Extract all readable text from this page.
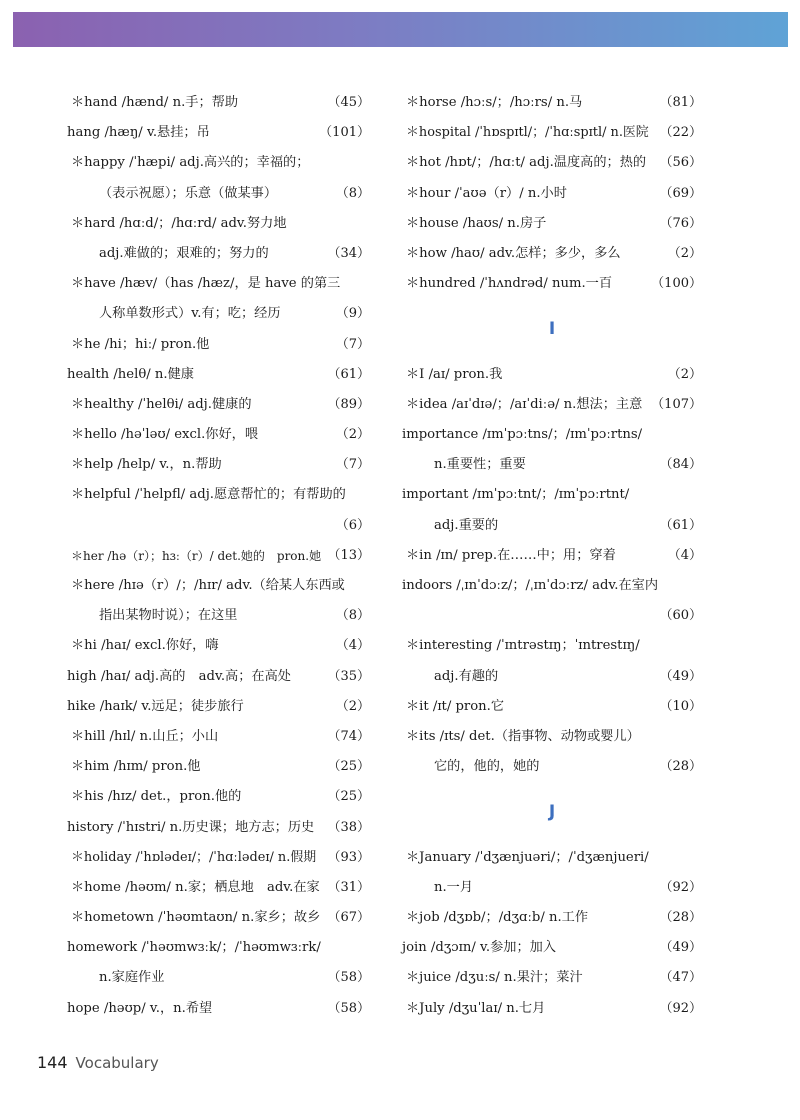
＊hand /hænd/ n.手；帮助	（45）
hang /hæŋ/ v.悬挂；吊	（101）
＊happy /ˈhæpi/ adj.高兴的；幸福的；
（表示祝愿）；乐意（做某事）	（8）
＊hard /hɑːd/；/hɑːrd/ adv.努力地
adj.难做的；艰难的；努力的	（34）
＊have /hæv/（has /hæz/，是 have 的第三
人称单数形式）v.有；吃；经历	（9）
＊he /hi；hiː/ pron.他	（7）
health /helθ/ n.健康	（61）
＊healthy /ˈhelθi/ adj.健康的	（89）
＊hello /həˈləʊ/ excl.你好，喂	（2）
＊help /help/ v.，n.帮助	（7）
＊helpful /ˈhelpfl/ adj.愿意帮忙的；有帮助的
（6）
＊her /hə（r）；hɜː（r）/ det.她的　pron.她 （13）
＊here /hɪə（r）/；/hɪr/ adv.（给某人东西或
指出某物时说）；在这里	（8）
＊hi /haɪ/ excl.你好，嗨	（4）
high /haɪ/ adj.高的　adv.高；在高处	（35）
hike /haɪk/ v.远足；徒步旅行	（2）
＊hill /hɪl/ n.山丘；小山	（74）
＊him /hɪm/ pron.他	（25）
＊his /hɪz/ det.，pron.他的	（25）
history /ˈhɪstri/ n.历史课；地方志；历史 （38）
＊holiday /ˈhɒlədeɪ/；/ˈhɑːlədeɪ/ n.假期 （93）
＊home /həʊm/ n.家；栖息地　adv.在家 （31）
＊hometown /ˈhəʊmtaʊn/ n.家乡；故乡 （67）
homework /ˈhəʊmwɜːk/；/ˈhəʊmwɜːrk/
n.家庭作业	（58）
hope /həʊp/ v.，n.希望	（58）
＊horse /hɔːs/；/hɔːrs/ n.马	（81）
＊hospital /ˈhɒspɪtl/；/ˈhɑːspɪtl/ n.医院 （22）
＊hot /hɒt/；/hɑːt/ adj.温度高的；热的 （56）
＊hour /ˈaʊə（r）/ n.小时	（69）
＊house /haʊs/ n.房子	（76）
＊how /haʊ/ adv.怎样；多少，多么	（2）
＊hundred /ˈhʌndrəd/ num.一百	（100）
I
＊I /aɪ/ pron.我	（2）
＊idea /aɪˈdɪə/；/aɪˈdiːə/ n.想法；主意 （107）
importance /ɪmˈpɔːtns/；/ɪmˈpɔːrtns/
n.重要性；重要	（84）
important /ɪmˈpɔːtnt/；/ɪmˈpɔːrtnt/
adj.重要的	（61）
＊in /ɪn/ prep.在……中；用；穿着	（4）
indoors /ˌɪnˈdɔːz/；/ˌɪnˈdɔːrz/ adv.在室内
（60）
＊interesting /ˈɪntrəstɪŋ；ˈɪntrestɪŋ/
adj.有趣的	（49）
＊it /ɪt/ pron.它	（10）
＊its /ɪts/ det.（指事物、动物或婴儿）
它的，他的，她的	（28）
J
＊January /ˈdʒænjuəri/；/ˈdʒænjueri/
n.一月	（92）
＊job /dʒɒb/；/dʒɑːb/ n.工作	（28）
join /dʒɔɪn/ v.参加；加入	（49）
＊juice /dʒuːs/ n.果汁；菜汁	（47）
＊July /dʒuˈlaɪ/ n.七月	（92）
144 Vocabulary
